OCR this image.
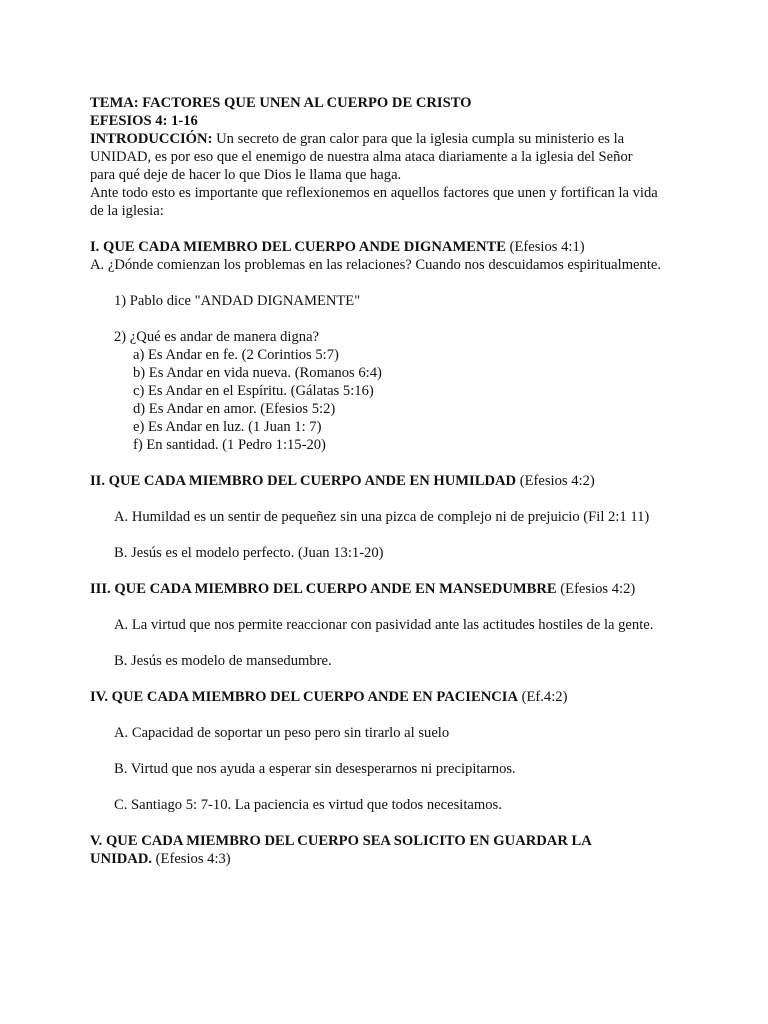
TEMA: FACTORES QUE UNEN AL CUERPO DE CRISTO
EFESIOS 4: 1-16
INTRODUCCIÓN: Un secreto de gran calor para que la iglesia cumpla su ministerio es la
UNIDAD, es por eso que el enemigo de nuestra alma ataca diariamente a la iglesia del Señor
para qué deje de hacer lo que Dios le llama que haga.
Ante todo esto es importante que reflexionemos en aquellos factores que unen y fortifican la vida
de la iglesia:
I. QUE CADA MIEMBRO DEL CUERPO ANDE DIGNAMENTE (Efesios 4:1)
A. ¿Dónde comienzan los problemas en las relaciones? Cuando nos descuidamos espiritualmente.
1) Pablo dice "ANDAD DIGNAMENTE"
2) ¿Qué es andar de manera digna?
a) Es Andar en fe. (2 Corintios 5:7)
b) Es Andar en vida nueva. (Romanos 6:4)
c) Es Andar en el Espíritu. (Gálatas 5:16)
d) Es Andar en amor. (Efesios 5:2)
e) Es Andar en luz. (1 Juan 1: 7)
f) En santidad. (1 Pedro 1:15-20)
II. QUE CADA MIEMBRO DEL CUERPO ANDE EN HUMILDAD (Efesios 4:2)
A. Humildad es un sentir de pequeñez sin una pizca de complejo ni de prejuicio (Fil 2:1 11)
B. Jesús es el modelo perfecto. (Juan 13:1-20)
III. QUE CADA MIEMBRO DEL CUERPO ANDE EN MANSEDUMBRE (Efesios 4:2)
A. La virtud que nos permite reaccionar con pasividad ante las actitudes hostiles de la gente.
B. Jesús es modelo de mansedumbre.
IV. QUE CADA MIEMBRO DEL CUERPO ANDE EN PACIENCIA (Ef.4:2)
A. Capacidad de soportar un peso pero sin tirarlo al suelo
B. Virtud que nos ayuda a esperar sin desesperarnos ni precipitarnos.
C. Santiago 5: 7-10. La paciencia es virtud que todos necesitamos.
V. QUE CADA MIEMBRO DEL CUERPO SEA SOLICITO EN GUARDAR LA
UNIDAD. (Efesios 4:3)
